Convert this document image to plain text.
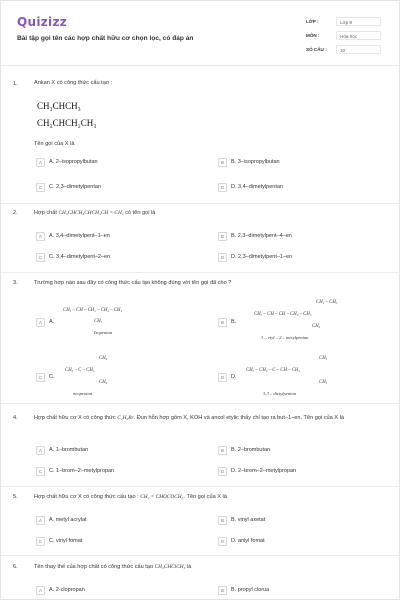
Quizizz
Bài tập gọi tên các hợp chất hữu cơ chọn lọc, có đáp án
LỚP :	Lớp 9
MÔN :	Hóa học
SỐ CÂU :	10
1.	Ankan X có công thức cấu tạo :
CH₃CHCH₃
CH₃CHCH₂CH₃
Tên gọi của X là
A	A. 2–isopropylbutan	B	B. 3–isopropylbutan
C	C. 2,3–dimetylpentan	D	D. 3,4–dimetylpentan
2.	Hợp chất CH₃CHCH₃CHCH₃CH = CH₂ có tên gọi là
A	A. 3,4–dimetylpent–1–en	B	B. 2,3–dimetylpent–4–en
C	C. 3,4–dimetylpent–2–en	D	D. 2,3–dimetylpent–1–en
3.	Trường hợp nào sau đây có công thức cấu tạo không đúng với tên gọi đã cho ?
A	A.
CH₃ – CH – CH₂ – CH₂ – CH₃
CH₃
Isopentan
B	B.
CH₂ – CH₃
CH₃ – CH – CH – CH₂ – CH₃
CH₃
3 – etyl – 2 – metylpentan
C	C.
CH₃
CH₃ – C – CH₃
CH₃
neopentan
D	D.
CH₃
CH₃ – CH₂ – C – CH – CH₃
CH₃
3,3 – dietylpentan
4.	Hợp chất hữu cơ X có công thức C₄H₉Br. Đun hỗn hợp gồm X, KOH và ancol etylic thấy chỉ tạo ra but–1–en. Tên gọi của X là
A	A. 1–brombutan	B	B. 2–brombutan
C	C. 1–brom–2–metylpropan	D	D. 2–brom–2–metylpropan
5.	Hợp chất hữu cơ X có công thức cấu tạo : CH₂ = CHOCOCH₃. Tên gọi của X là
A	A. metyl acrylat	B	B. vinyl axetat
C	C. vinyl fomat	D	D. anlyl fomat
6.	Tên thay thế của hợp chất có công thức cấu tạo CH₃CHClCH₃ là
A	A. 2-clopropan	B	B. propyl clorua
